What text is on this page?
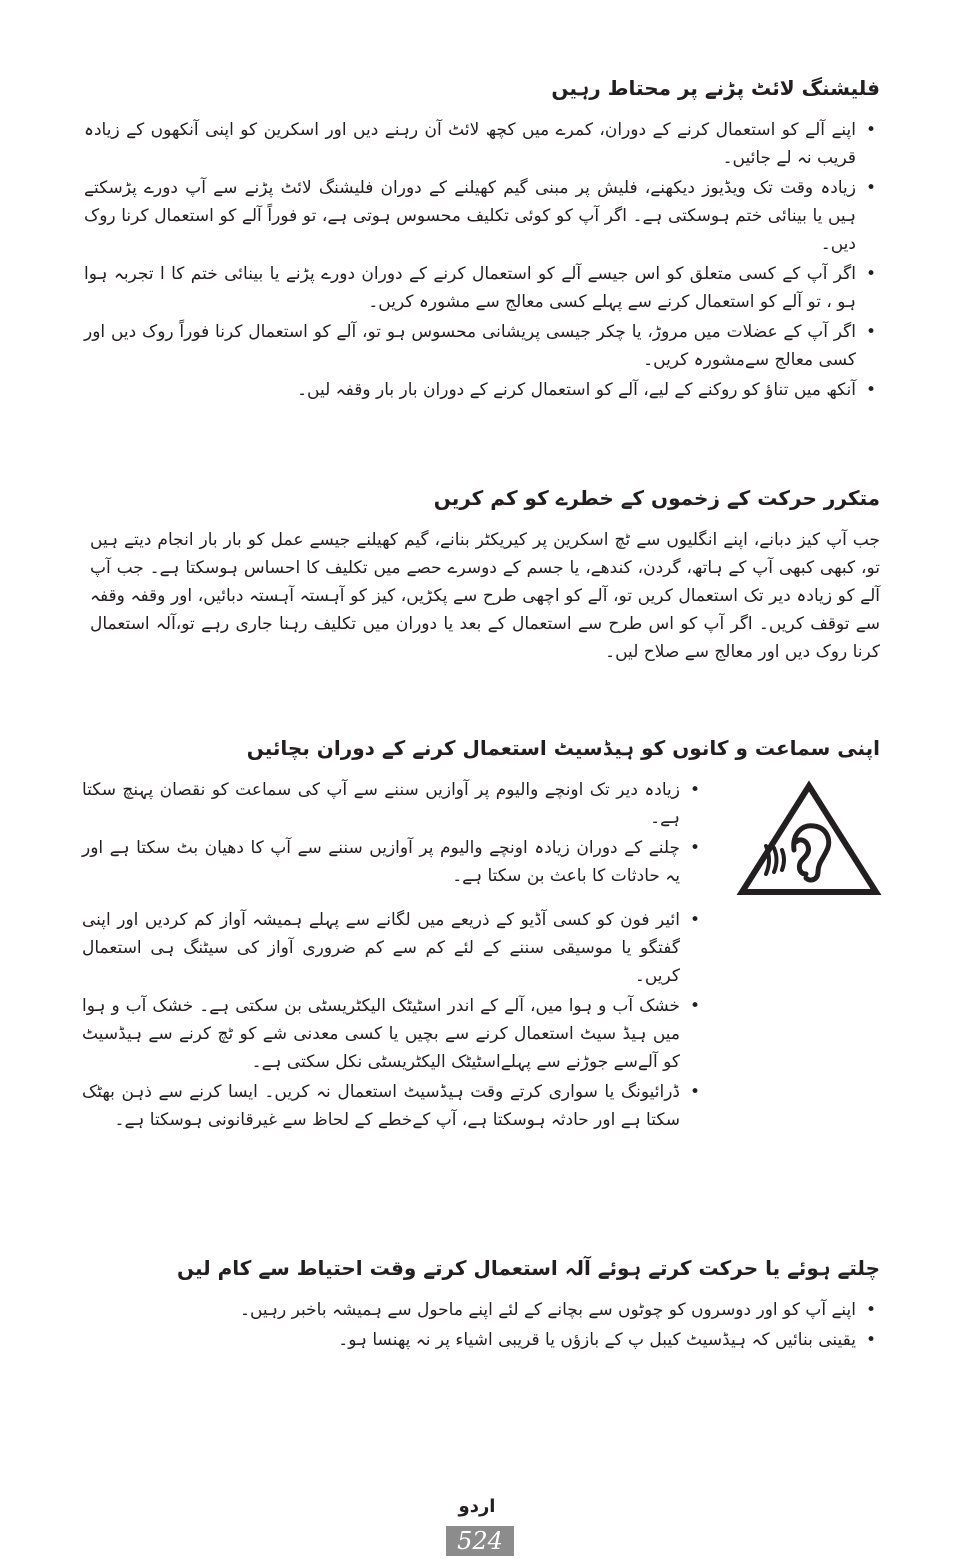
فلیشنگ لائٹ پڑنے پر محتاط رہیں
• اپنے آلے کو استعمال کرنے کے دوران، کمرے میں کچھ لائٹ آن رہنے دیں اور اسکرین کو اپنی آنکھوں کے زیادہ قریب نہ لے جائیں۔
• زیادہ وقت تک ویڈیوز دیکھنے، فلیش پر مبنی گیم کھیلنے کے دوران فلیشنگ لائٹ پڑنے سے آپ دورے پڑسکتے ہیں یا بینائی ختم ہوسکتی ہے۔ اگر آپ کو کوئی تکلیف محسوس ہوتی ہے، تو فوراً آلے کو استعمال کرنا روک دیں۔
• اگر آپ کے کسی متعلق کو اس جیسے آلے کو استعمال کرنے کے دوران دورے پڑنے یا بینائی ختم کا ا تجربہ ہوا ہو ، تو آلے کو استعمال کرنے سے پہلے کسی معالج سے مشورہ کریں۔
• اگر آپ کے عضلات میں مروڑ، یا چکر جیسی پریشانی محسوس ہو تو، آلے کو استعمال کرنا فوراً روک دیں اور کسی معالج سےمشورہ کریں۔
• آنکھ میں تناؤ کو روکنے کے لیے، آلے کو استعمال کرنے کے دوران بار بار وقفہ لیں۔
متکرر حرکت کے زخموں کے خطرے کو کم کریں

جب آپ کیز دبانے، اپنے انگلیوں سے ٹچ اسکرین پر کیریکٹر بنانے، گیم کھیلنے جیسے عمل کو بار بار انجام دیتے ہیں تو، کبھی کبھی آپ کے ہاتھ، گردن، کندھے، یا جسم کے دوسرے حصے میں تکلیف کا احساس ہوسکتا ہے۔ جب آپ آلے کو زیادہ دیر تک استعمال کریں تو، آلے کو اچھی طرح سے پکڑیں، کیز کو آہستہ آہستہ دبائیں، اور وقفہ وقفہ سے توقف کریں۔ اگر آپ کو اس طرح سے استعمال کے بعد یا دوران میں تکلیف رہنا جاری رہے تو،آلہ استعمال کرنا روک دیں اور معالج سے صلاح لیں۔

اپنی سماعت و کانوں کو ہیڈسیٹ استعمال کرنے کے دوران بچائیں
• زیادہ دیر تک اونچے والیوم پر آوازیں سننے سے آپ کی سماعت کو نقصان پہنچ سکتا ہے۔
• چلنے کے دوران زیادہ اونچے والیوم پر آوازیں سننے سے آپ کا دھیان بٹ سکتا ہے اور یہ حادثات کا باعث بن سکتا ہے۔
• ائیر فون کو کسی آڈیو کے ذریعے میں لگانے سے پہلے ہمیشہ آواز کم کردیں اور اپنی گفتگو یا موسیقی سننے کے لئے کم سے کم ضروری آواز کی سیٹنگ ہی استعمال کریں۔
• خشک آب و ہوا میں، آلے کے اندر اسٹیٹک الیکٹریسٹی بن سکتی ہے۔ خشک آب و ہوا میں ہیڈ سیٹ استعمال کرنے سے بچیں یا کسی معدنی شے کو ٹچ کرنے سے ہیڈسیٹ کو آلےسے جوڑنے سے پہلےاسٹیٹک الیکٹریسٹی نکل سکتی ہے۔
• ڈرائیونگ یا سواری کرتے وقت ہیڈسیٹ استعمال نہ کریں۔ ایسا کرنے سے ذہن بھٹک سکتا ہے اور حادثہ ہوسکتا ہے، آپ کےخطے کے لحاظ سے غیرقانونی ہوسکتا ہے۔
چلتے ہوئے یا حرکت کرتے ہوئے آلہ استعمال کرتے وقت احتیاط سے کام لیں
• اپنے آپ کو اور دوسروں کو چوٹوں سے بچانے کے لئے اپنے ماحول سے ہمیشہ باخبر رہیں۔
• یقینی بنائیں کہ ہیڈسیٹ کیبل پ کے بازؤں یا قریبی اشیاء پر نہ پھنسا ہو۔
اردو
524
